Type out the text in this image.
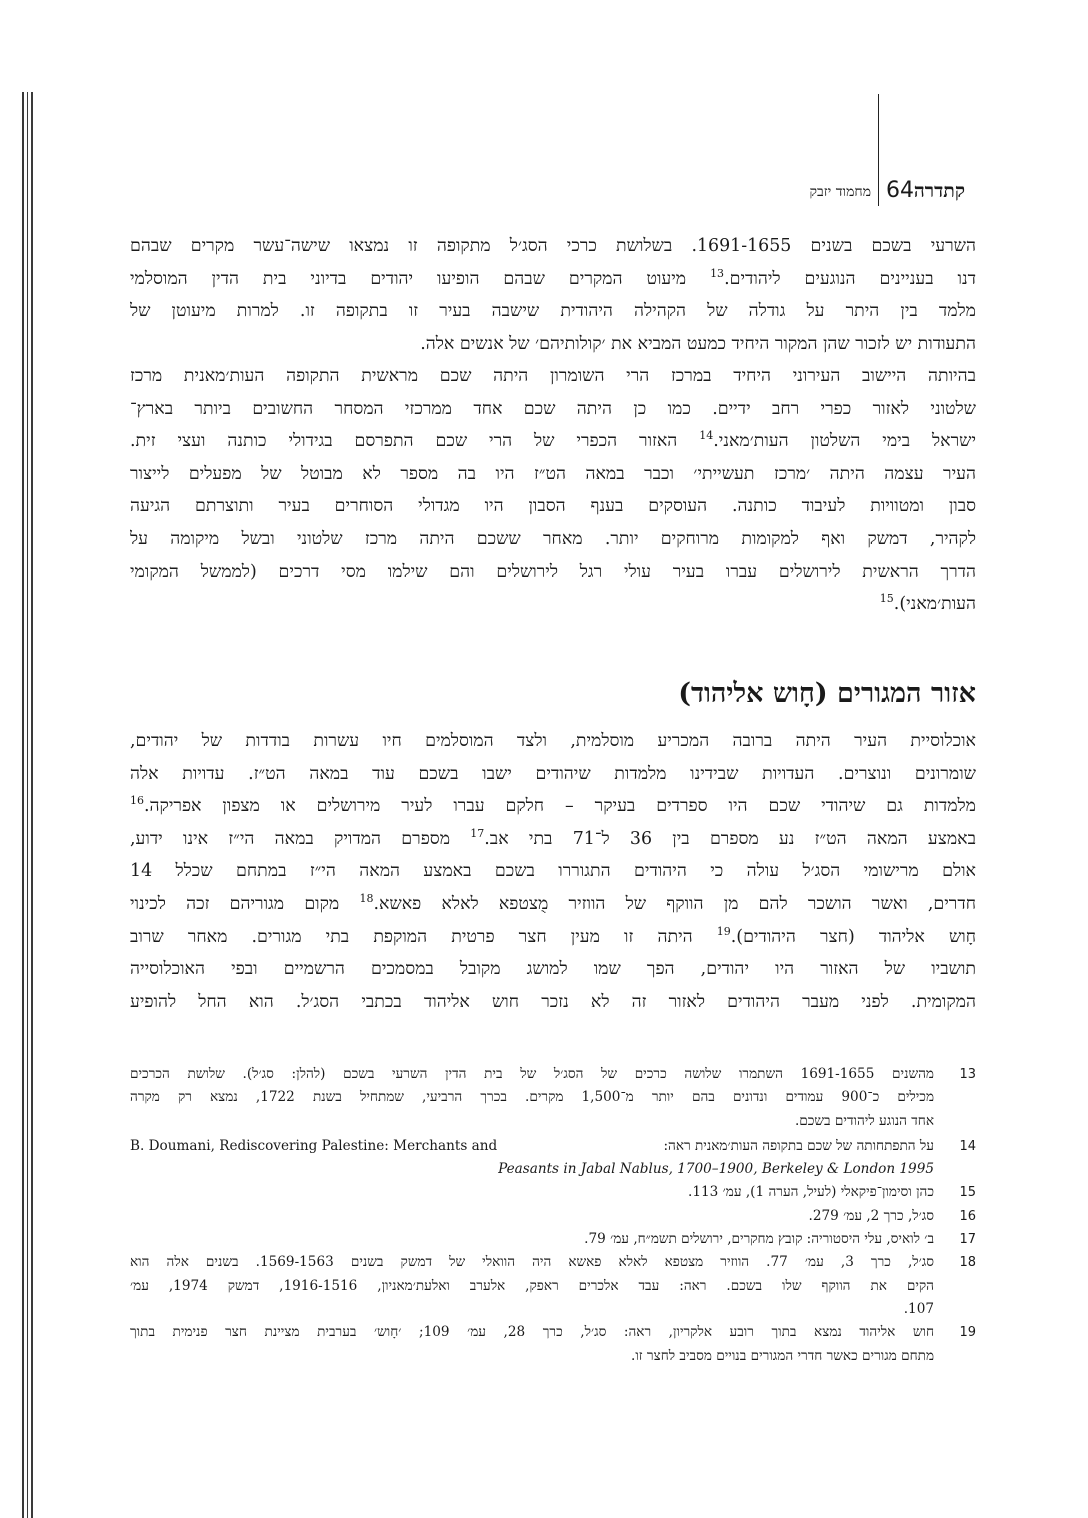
מחמוד יזבק 64 קתדרה
השרעי בשכם בשנים 1691-1655. בשלושת כרכי הסג׳ל מתקופה זו נמצאו שישה־עשר מקרים שבהם
דנו בעניינים הנוגעים ליהודים.$^{13}$ מיעוט המקרים שבהם הופיעו יהודים בדיוני בית הדין המוסלמי
מלמד בין היתר על גודלה של הקהילה היהודית שישבה בעיר זו בתקופה זו. למרות מיעוטן של
התעודות יש לזכור שהן המקור היחיד כמעט המביא את ׳קולותיהם׳ של אנשים אלה.
בהיותה היישוב העירוני היחיד במרכז הרי השומרון היתה שכם מראשית התקופה העות׳מאנית מרכז
שלטוני לאזור כפרי רחב ידיים. כמו כן היתה שכם אחד ממרכזי המסחר החשובים ביותר בארץ־
ישראל בימי השלטון העות׳מאני.$^{14}$ האזור הכפרי של הרי שכם התפרסם בגידולי כותנה ועצי זית.
העיר עצמה היתה ׳מרכז תעשייתי׳ וכבר במאה הט״ז היו בה מספר לא מבוטל של מפעלים לייצור
סבון ומטוויות לעיבוד כותנה. העוסקים בענף הסבון היו מגדולי הסוחרים בעיר ותוצרתם הגיעה
לקהיר, דמשק ואף למקומות מרוחקים יותר. מאחר ששכם היתה מרכז שלטוני ובשל מיקומה על
הדרך הראשית לירושלים עברו בעיר עולי רגל לירושלים והם שילמו מסי דרכים (לממשל המקומי
העות׳מאני).$^{15}$
אזור המגורים (חָוש אליהוד)
אוכלוסיית העיר היתה ברובה המכריע מוסלמית, ולצד המוסלמים חיו עשרות בודדות של יהודים,
שומרונים ונוצרים. העדויות שבידינו מלמדות שיהודים ישבו בשכם עוד במאה הט״ז. עדויות אלה
מלמדות גם שיהודי שכם היו ספרדים בעיקר – חלקם עברו לעיר מירושלים או מצפון אפריקה.$^{16}$
באמצע המאה הט״ז נע מספרם בין 36 ל־71 בתי אב.$^{17}$ מספרם המדויק במאה הי״ז אינו ידוע,
אולם מרישומי הסג׳ל עולה כי היהודים התגוררו בשכם באמצע המאה הי״ז במתחם שכלל 14
חדרים, ואשר הושכר להם מן הווקף של הווזיר מֻצטפא לאלא פאשא.$^{18}$ מקום מגוריהם זכה לכינוי
חָוש אליהוד (חצר היהודים).$^{19}$ היתה זו מעין חצר פרטית המוקפת בתי מגורים. מאחר שרוב
תושביו של האזור היו יהודים, הפך שמו למושג מקובל במסמכים הרשמיים ובפי האוכלוסייה
המקומית. לפני מעבר היהודים לאזור זה לא נזכר חוש אליהוד בכתבי הסג׳ל. הוא החל להופיע
13
מהשנים 1691-1655 השתמרו שלושה כרכים של הסג׳ל של בית הדין השרעי בשכם (להלן: סג׳ל). שלושת הכרכים
מכילים כ־900 עמודים ונדונים בהם יותר מ־1,500 מקרים. בכרך הרביעי, שמתחיל בשנת 1722, נמצא רק מקרה
אחד הנוגע ליהודים בשכם.
14
על התפתחותה של שכם בתקופה העות׳מאנית ראה:
B. Doumani, Rediscovering Palestine: Merchants and
Peasants in Jabal Nablus, 1700–1900, Berkeley & London 1995
15
כהן וסימון־פיקאלי (לעיל, הערה 1), עמ׳ 113.
16
סג׳ל, כרך 2, עמ׳ 279.
17
ב׳ לואיס, עלי היסטוריה: קובץ מחקרים, ירושלים תשמ״ח, עמ׳ 79.
18
סג׳ל, כרך 3, עמ׳ 77. הווזיר מצטפא לאלא פאשא היה הוואלי של דמשק בשנים 1569-1563. בשנים אלה הוא
הקים את הווקף שלו בשכם. ראה: עבד אלכרים ראפק, אלערב ואלעת׳מאניון, 1916-1516, דמשק 1974, עמ׳
107.
19
חוש אליהוד נמצא בתוך רובע אלקריון, ראה: סג׳ל, כרך 28, עמ׳ 109; ׳חָוש׳ בערבית מציינת חצר פנימית בתוך
מתחם מגורים כאשר חדרי המגורים בנויים מסביב לחצר זו.
